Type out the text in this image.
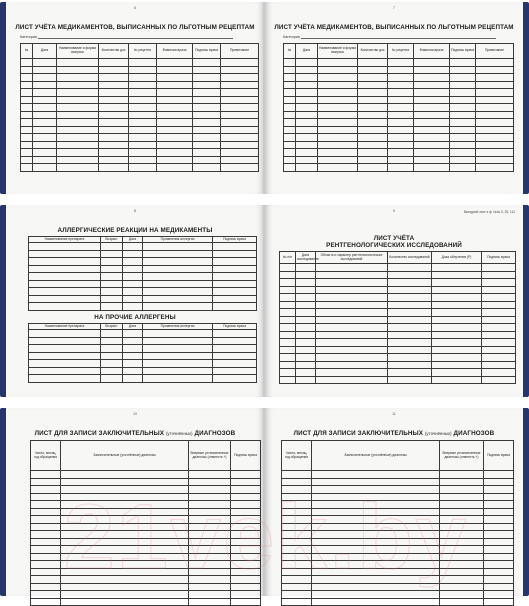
6
ЛИСТ УЧЁТА МЕДИКАМЕНТОВ, ВЫПИСАННЫХ ПО ЛЬГОТНЫМ РЕЦЕПТАМ
Категория
№	Дата	Наименование и форма выпуска	Количество доз	№ рецепта	Фамилия врача	Подпись врача	Примечание

7
ЛИСТ УЧЁТА МЕДИКАМЕНТОВ, ВЫПИСАННЫХ ПО ЛЬГОТНЫМ РЕЦЕПТАМ
Категория
№	Дата	Наименование и форма выпуска	Количество доз	№ рецепта	Фамилия врача	Подпись врача	Примечание

8
АЛЛЕРГИЧЕСКИЕ РЕАКЦИИ НА МЕДИКАМЕНТЫ
Наименование препарата	Возраст	Дата	Проявления аллергии	Подпись врача

НА ПРОЧИЕ АЛЛЕРГЕНЫ
Наименование препарата	Возраст	Дата	Проявления аллергии	Подпись врача

9	Вкладной лист к ф. №№ 0, 25, 112
ЛИСТ УЧЁТА
РЕНТГЕНОЛОГИЧЕСКИХ ИССЛЕДОВАНИЙ
№ п/п	Дата исследования	Область и характер рентгенологических исследований	Количество исследований	Доза облучения (Р)	Подпись врача

10
ЛИСТ ДЛЯ ЗАПИСИ ЗАКЛЮЧИТЕЛЬНЫХ (уточнённых) ДИАГНОЗОВ
Число, месяц, год обращения	Заключительные (уточнённые) диагнозы	Впервые установленные диагнозы (отметить +)	Подпись врача

11
ЛИСТ ДЛЯ ЗАПИСИ ЗАКЛЮЧИТЕЛЬНЫХ (уточнённых) ДИАГНОЗОВ
Число, месяц, год обращения	Заключительные (уточнённые) диагнозы	Впервые установленные диагнозы (отметить +)	Подпись врача
